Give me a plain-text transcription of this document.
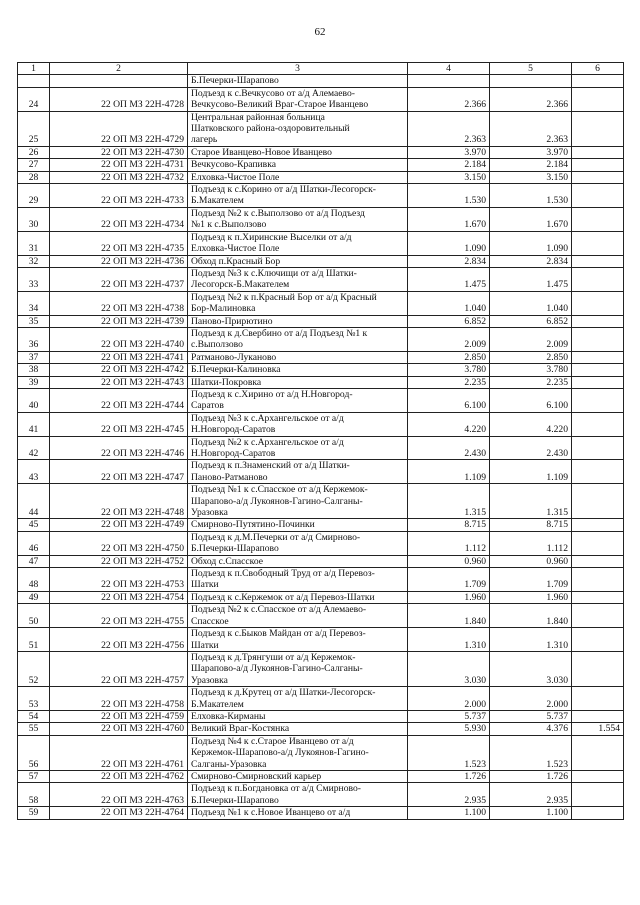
62
1	2	3	4	5	6

		Б.Печерки-Шарапово			

24	22 ОП МЗ 22Н-4728	Подъезд к с.Вечкусово от а/д Алемаево-
Вечкусово-Великий Враг-Старое Иванцево	2.366	2.366	
25	22 ОП МЗ 22Н-4729	Центральная районная больница
Шатковского района-оздоровительный
лагерь	2.363	2.363	
26	22 ОП МЗ 22Н-4730	Старое Иванцево-Новое Иванцево	3.970	3.970	
27	22 ОП МЗ 22Н-4731	Вечкусово-Крапивка	2.184	2.184	
28	22 ОП МЗ 22Н-4732	Елховка-Чистое Поле	3.150	3.150	
29	22 ОП МЗ 22Н-4733	Подъезд к с.Корино от а/д Шатки-Лесогорск-
Б.Макателем	1.530	1.530	
30	22 ОП МЗ 22Н-4734	Подъезд №2 к с.Выползово от а/д Подъезд
№1 к с.Выползово	1.670	1.670	
31	22 ОП МЗ 22Н-4735	Подъезд к п.Хиринские Выселки от а/д
Елховка-Чистое Поле	1.090	1.090	
32	22 ОП МЗ 22Н-4736	Обход п.Красный Бор	2.834	2.834	
33	22 ОП МЗ 22Н-4737	Подъезд №3 к с.Ключищи от а/д Шатки-
Лесогорск-Б.Макателем	1.475	1.475	
34	22 ОП МЗ 22Н-4738	Подъезд №2 к п.Красный Бор от а/д Красный
Бор-Малиновка	1.040	1.040	
35	22 ОП МЗ 22Н-4739	Паново-Прирютино	6.852	6.852	
36	22 ОП МЗ 22Н-4740	Подъезд к д.Свербино от а/д Подъезд №1 к
с.Выползово	2.009	2.009	
37	22 ОП МЗ 22Н-4741	Ратманово-Луканово	2.850	2.850	
38	22 ОП МЗ 22Н-4742	Б.Печерки-Калиновка	3.780	3.780	
39	22 ОП МЗ 22Н-4743	Шатки-Покровка	2.235	2.235	
40	22 ОП МЗ 22Н-4744	Подъезд к с.Хирино от а/д Н.Новгород-
Саратов	6.100	6.100	
41	22 ОП МЗ 22Н-4745	Подъезд №3 к с.Архангельское от а/д
Н.Новгород-Саратов	4.220	4.220	
42	22 ОП МЗ 22Н-4746	Подъезд №2 к с.Архангельское от а/д
Н.Новгород-Саратов	2.430	2.430	
43	22 ОП МЗ 22Н-4747	Подъезд к п.Знаменский от а/д Шатки-
Паново-Ратманово	1.109	1.109	
44	22 ОП МЗ 22Н-4748	Подъезд №1 к с.Спасское от а/д Кержемок-
Шарапово-а/д Лукоянов-Гагино-Салганы-
Уразовка	1.315	1.315	
45	22 ОП МЗ 22Н-4749	Смирново-Путятино-Починки	8.715	8.715	
46	22 ОП МЗ 22Н-4750	Подъезд к д.М.Печерки от а/д Смирново-
Б.Печерки-Шарапово	1.112	1.112	
47	22 ОП МЗ 22Н-4752	Обход с.Спасское	0.960	0.960	
48	22 ОП МЗ 22Н-4753	Подъезд к п.Свободный Труд от а/д Перевоз-
Шатки	1.709	1.709	
49	22 ОП МЗ 22Н-4754	Подъезд к с.Кержемок от а/д Перевоз-Шатки	1.960	1.960	
50	22 ОП МЗ 22Н-4755	Подъезд №2 к с.Спасское от а/д Алемаево-
Спасское	1.840	1.840	
51	22 ОП МЗ 22Н-4756	Подъезд к с.Быков Майдан от а/д Перевоз-
Шатки	1.310	1.310	
52	22 ОП МЗ 22Н-4757	Подъезд к д.Трянгуши от а/д Кержемок-
Шарапово-а/д Лукоянов-Гагино-Салганы-
Уразовка	3.030	3.030	
53	22 ОП МЗ 22Н-4758	Подъезд к д.Крутец от а/д Шатки-Лесогорск-
Б.Макателем	2.000	2.000	
54	22 ОП МЗ 22Н-4759	Елховка-Кирманы	5.737	5.737	
55	22 ОП МЗ 22Н-4760	Великий Враг-Костянка	5.930	4.376	1.554
56	22 ОП МЗ 22Н-4761	Подъезд №4 к с.Старое Иванцево от а/д
Кержемок-Шарапово-а/д Лукоянов-Гагино-
Салганы-Уразовка	1.523	1.523	
57	22 ОП МЗ 22Н-4762	Смирново-Смирновский карьер	1.726	1.726	
58	22 ОП МЗ 22Н-4763	Подъезд к п.Богдановка от а/д Смирново-
Б.Печерки-Шарапово	2.935	2.935	
59	22 ОП МЗ 22Н-4764	Подъезд №1 к с.Новое Иванцево от а/д	1.100	1.100	
